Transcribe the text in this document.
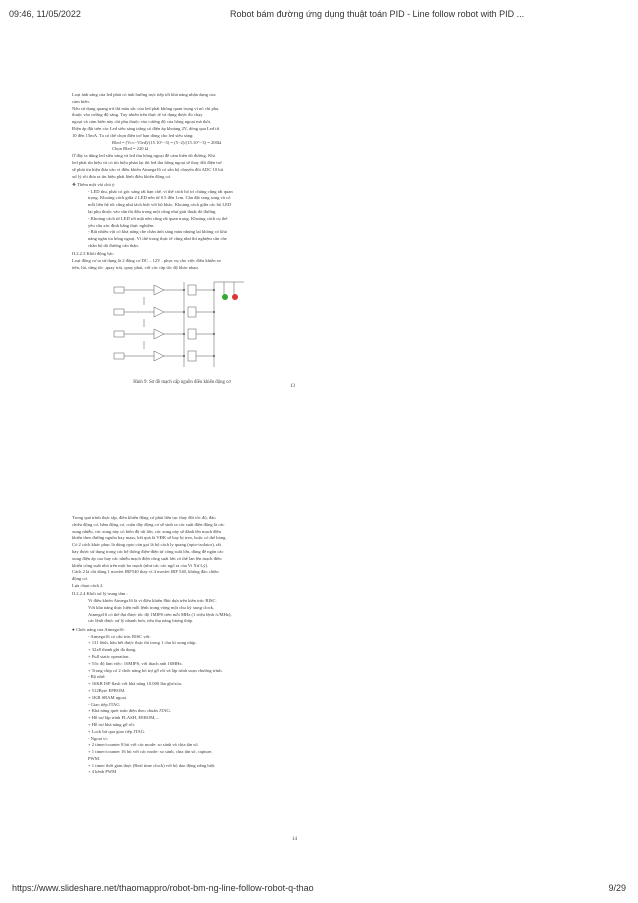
09:46, 11/05/2022	Robot bám đường ứng dụng thuật toán PID - Line follow robot with PID ...

Loại ánh sáng của led phát có ảnh hưởng trực tiếp tới khả năng nhận dạng của

cảm biến.

Nếu sử dụng quang trở thì màu sắc của led phát không quan trọng vì nó chỉ phụ

thuộc vào cường độ sáng. Tuy nhiên trên thực tế và dụng được đo chạy

ngoại và cảm biến này chỉ phụ thuộc vào cường độ của hồng ngoại mà thôi.

Điện áp đặt trên các Led siêu sáng trắng có điện áp khoảng 2V, dòng qua Led từ

10 đến 15mA. Ta có thể chọn điện trở hạn dòng cho led siêu sáng:

Rled = (Vcc−Vled)/(15.10^−3) = (5−2)/(15.10^−3) = 200Ω

Chọn Rled = 220 Ω

Ở đây ta dùng led siêu sáng và led thu hồng ngoại để cảm biến dò đường. Khi

led phát tín hiệu và có tín hiệu phản lại thì led thu hồng ngoại sẽ thay đổi điện trở

sẽ phát tín hiệu đưa vào vi điều khiển Atmega16 có sẵn bộ chuyển đổi ADC 10 bit

xử lý rồi đưa ra tín hiệu phát lệnh điều khiển động cơ.

❖ Thêm một vài chú ý:

- LED thu, phát có góc sáng rất hạn chế, vì thế cách bố trí chúng cũng rất quan

trọng. Khoảng cách giữa 2 LED nên từ 0.5 đến 1cm. Cần đặt song song và có

mỗi liên hệ tốt cũng như tách biệt với bộ khác. Khoảng cách giữa các bộ LED

lại phụ thuộc vào sân thi đấu trong một cũng như giải thuật dò đường.

- Khoảng cách từ LED tới mặt nền cũng rất quan trọng. Khoảng cách cụ thể

yêu cầu xác định bằng thực nghiệm.

- Rất nhiều vật có khả năng che chắn ánh sáng màu nhưng lại không có khả

năng ngăn tia hồng ngoại. Vì thế trong thực tế cũng như thí nghiệm cần che

chắn bộ dò đường cẩn thận.

II.2.2.3 Khối động lực:

Loại động cơ ta sử dụng là 2 động cơ DC – 12V , phục vụ cho việc điều khiển xe

tiến, lùi, từng tốc ,quay trái, quay phải, với các cấp tốc độ khác nhau.

Hình 9: Sơ đồ mạch cấp nguồn điều khiển động cơ

13

Trong quá trình thực tập, điều khiển động cơ phải liên tục thay đổi tốc độ, đảo

chiều động cơ, hãm động cơ, cuộn dây động cơ sẽ sinh ra các suất điện động là các

xung nhiễu, các xung này có biên độ rất lớn, các xung này sẽ đánh lên mạch điều

khiển theo đường nguồn hay mass, kết quả là VĐK sẽ hay bị treo, hoặc có thể hỏng.

Có 2 cách khác phục là dùng opto cón gọi là bộ cách ly quang (opto-isolator), rất

hay được sử dụng trong các hệ thống điện-điện tử công suất lớn, dùng để ngăn các

xung điện áp cao hay các nhiễu mạch điện công suất lớn có thể lan lên mạch điều

khiển công suất nhỏ trên một bo mạch (như các các ngõ ra của Vi Xử Lý).

Cách 2 là chỉ dùng 1 mosfet IRF540 thay vì 4 mosfet IRF 540, không đảo chiều

động cơ.

Lựa chọn cách 2.

II.2.2.4 Khối xử lý trung tâm :

Vi điều khiển Atmega16 là vi điều khiển 8bit dựa trên kiến trúc RISC.

Với khả năng thực hiện mỗi lệnh trong vòng một chu kỳ xung clock,

Atmega16 có thể đạt được tốc độ 1MIPS trên mỗi MHz (1 triệu lệnh /s/MHz),

các lệnh được xử lý nhanh hơn, tiêu thụ năng lượng thấp.

● Chức năng của Atmega16:

- Atmega16 có cấu trúc RISC với:

+ 131 lệnh, hầu hết được thực thi trong 1 chu kì xung nhịp.

+ 32x8 thanh ghi đa dụng.

+ Full static operation.

+ Tốc độ làm việc: 16MIPS, với thạch anh 16MHz.

+ Trong chip có 2 chức năng bổ trợ gỡ rối và lập trình soạn chương trình.

- Bộ nhớ:

+ 16KB ISP flash với khả năng 10.000 lần ghi/xóa.

+ 512Byte EPROM.

+ 1KB SRAM ngoại.

- Giao tiếp JTAG

+ Khả năng quét toàn diện theo chuẩn JTAG.

+ Hỗ trợ lập trình FLASH, EEROM,...

+ Hỗ trợ khả năng gỡ rối.

+ Lock bit qua giao tiếp JTAG.

- Ngoại vi:

+ 2 timer/counter 8 bit với các mode: so sánh và chia tần số.

+ 1 timer/counter 16 bit với các mode: so sánh, chia tần số, capture,

PWM.

+ 1 timer thời gian thực (Real time clock) với bộ dao động riêng biệt.

+ 4 kênh PWM

14
https://www.slideshare.net/thaomappro/robot-bm-ng-line-follow-robot-q-thao	9/29
